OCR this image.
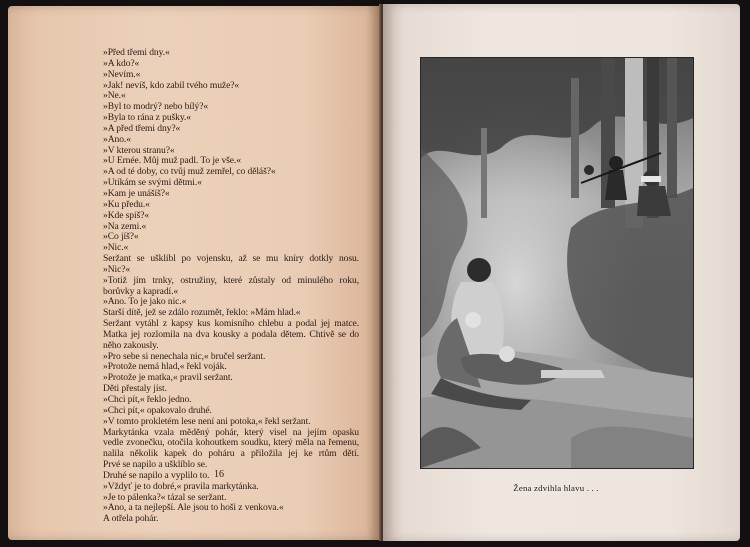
»Před třemi dny.«
»A kdo?«
»Nevím.«
»Jak! nevíš, kdo zabil tvého muže?«
»Ne.«
»Byl to modrý? nebo bílý?«
»Byla to rána z pušky.«
»A před třemi dny?«
»Ano.«
»V kterou stranu?«
»U Ernée. Můj muž padl. To je vše.«
»A od té doby, co tvůj muž zemřel, co děláš?«
»Utíkám se svými dětmi.«
»Kam je unášíš?«
»Ku předu.«
»Kde spíš?«
»Na zemi.«
»Co jíš?«
»Nic.«
Seržant se ušklíbl po vojensku, až se mu kníry dotkly nosu.
»Nic?«
»Totiž jím trnky, ostružiny, které zůstaly od minulého roku,
borůvky a kapradí.«
»Ano. To je jako nic.«
Starší dítě, jež se zdálo rozumět, řeklo: »Mám hlad.«
Seržant vytáhl z kapsy kus komisního chlebu a podal jej matce.
Matka jej rozlomila na dva kousky a podala dětem. Chtivě se do
něho zakously.
»Pro sebe si nenechala nic,« bručel seržant.
»Protože nemá hlad,« řekl voják.
»Protože je matka,« pravil seržant.
Děti přestaly jíst.
»Chci pít,« řeklo jedno.
»Chci pít,« opakovalo druhé.
»V tomto prokletém lese není ani potoka,« řekl seržant.
Markytánka vzala měděný pohár, který visel na jejím opasku
vedle zvonečku, otočila kohoutkem soudku, který měla na řemenu,
nalila několik kapek do poháru a přiložila jej ke rtům dětí.
Prvé se napilo a ušklíblo se.
Druhé se napilo a vyplilo to.
»Vždyť je to dobré,« pravila markytánka.
»Je to pálenka?« tázal se seržant.
»Ano, a ta nejlepší. Ale jsou to hoši z venkova.«
A otřela pohár.
16
Žena zdvihla hlavu . . .
